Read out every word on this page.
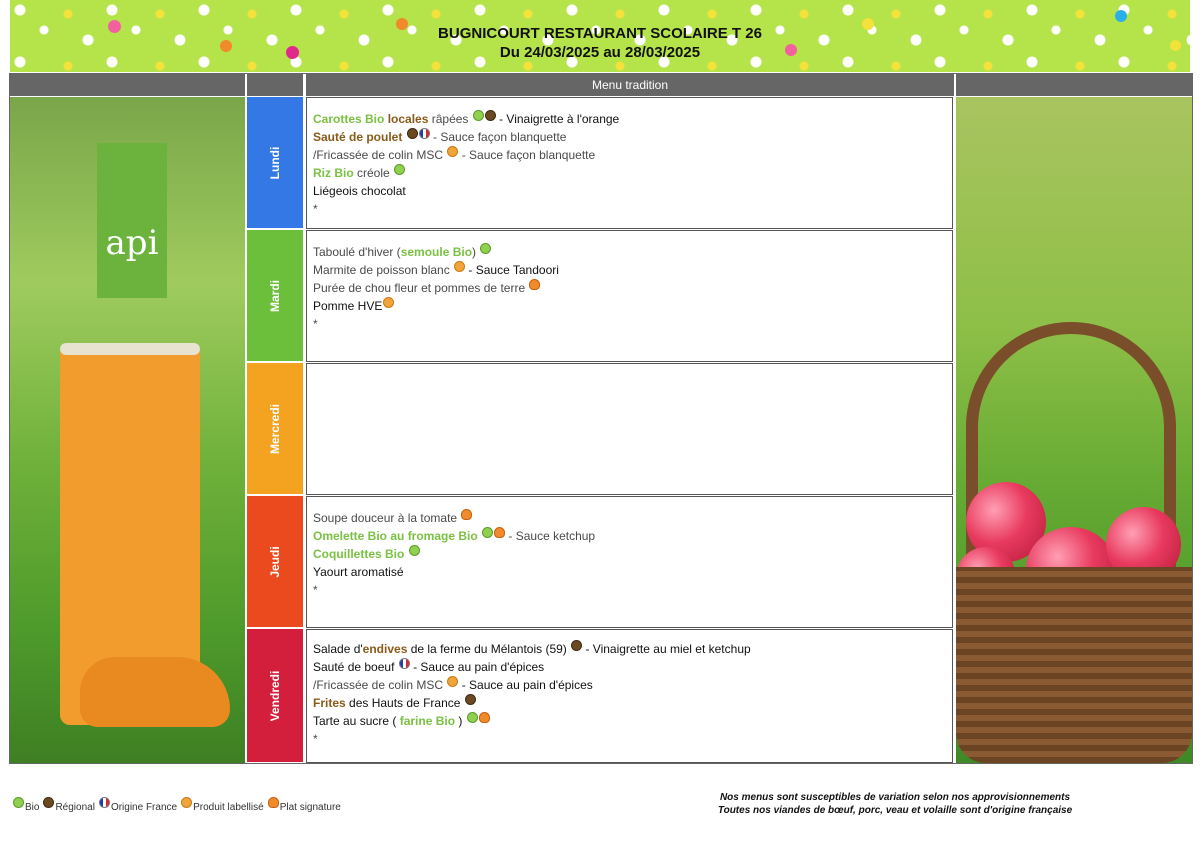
BUGNICOURT RESTAURANT SCOLAIRE T 26
Du 24/03/2025 au 28/03/2025
Menu tradition
api
Lundi
Mardi
Mercredi
Jeudi
Vendredi
Carottes Bio locales râpées  - Vinaigrette à l'orange
Sauté de poulet  - Sauce façon blanquette
/Fricassée de colin MSC  - Sauce façon blanquette
Riz Bio créole
Liégeois chocolat
*
Taboulé d'hiver (semoule Bio)
Marmite de poisson blanc  - Sauce Tandoori
Purée de chou fleur et pommes de terre
Pomme HVE
*
Soupe douceur à la tomate
Omelette Bio au fromage Bio  - Sauce ketchup
Coquillettes Bio
Yaourt aromatisé
*
Salade d'endives de la ferme du Mélantois (59)  - Vinaigrette au miel et ketchup
Sauté de boeuf  - Sauce au pain d'épices
/Fricassée de colin MSC  - Sauce au pain d'épices
Frites des Hauts de France
Tarte au sucre ( farine Bio )
*
Bio Régional Origine France Produit labellisé Plat signature
Nos menus sont susceptibles de variation selon nos approvisionnements
Toutes nos viandes de bœuf, porc, veau et volaille sont d'origine française
